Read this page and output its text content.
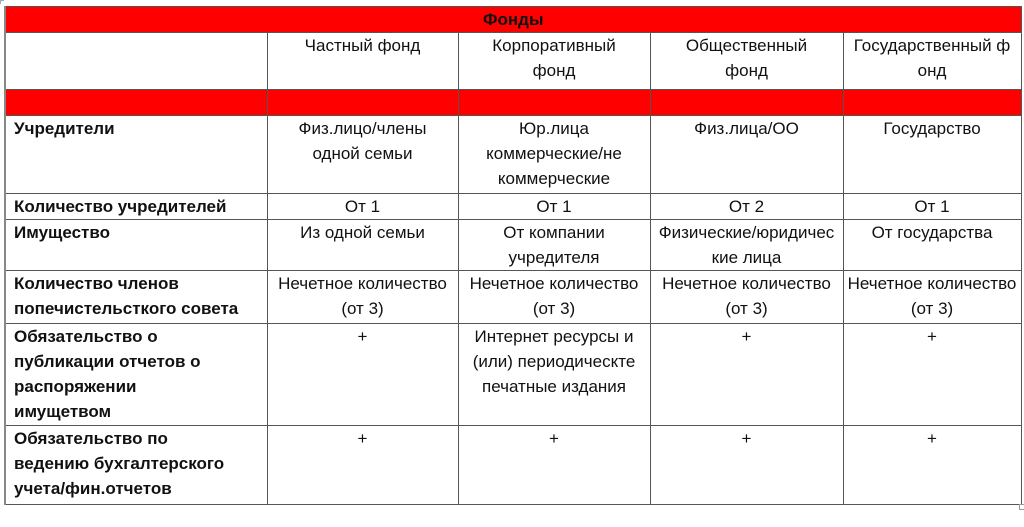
Фонды				
	Частный фонд	Корпоративный фонд	Общественный фонд	Государственный фонд

Учредители	Физ.лицо/члены одной семьи	Юр.лица коммерческие/не коммерческие	Физ.лица/ОО	Государство
Количество учредителей	От 1	От 1	От 2	От 1
Имущество	Из одной семьи	От компании учредителя	Физические/юридические лица	От государства
Количество членов попечистельсткого совета	Нечетное количество (от 3)	Нечетное количество (от 3)	Нечетное количество (от 3)	Нечетное количество (от 3)
Обязательство о публикации отчетов о распоряжении имущетвом	+	Интернет ресурсы и (или) периодическте печатные издания	+	+
Обязательство по ведению бухгалтерского учета/фин.отчетов	+	+	+	+
